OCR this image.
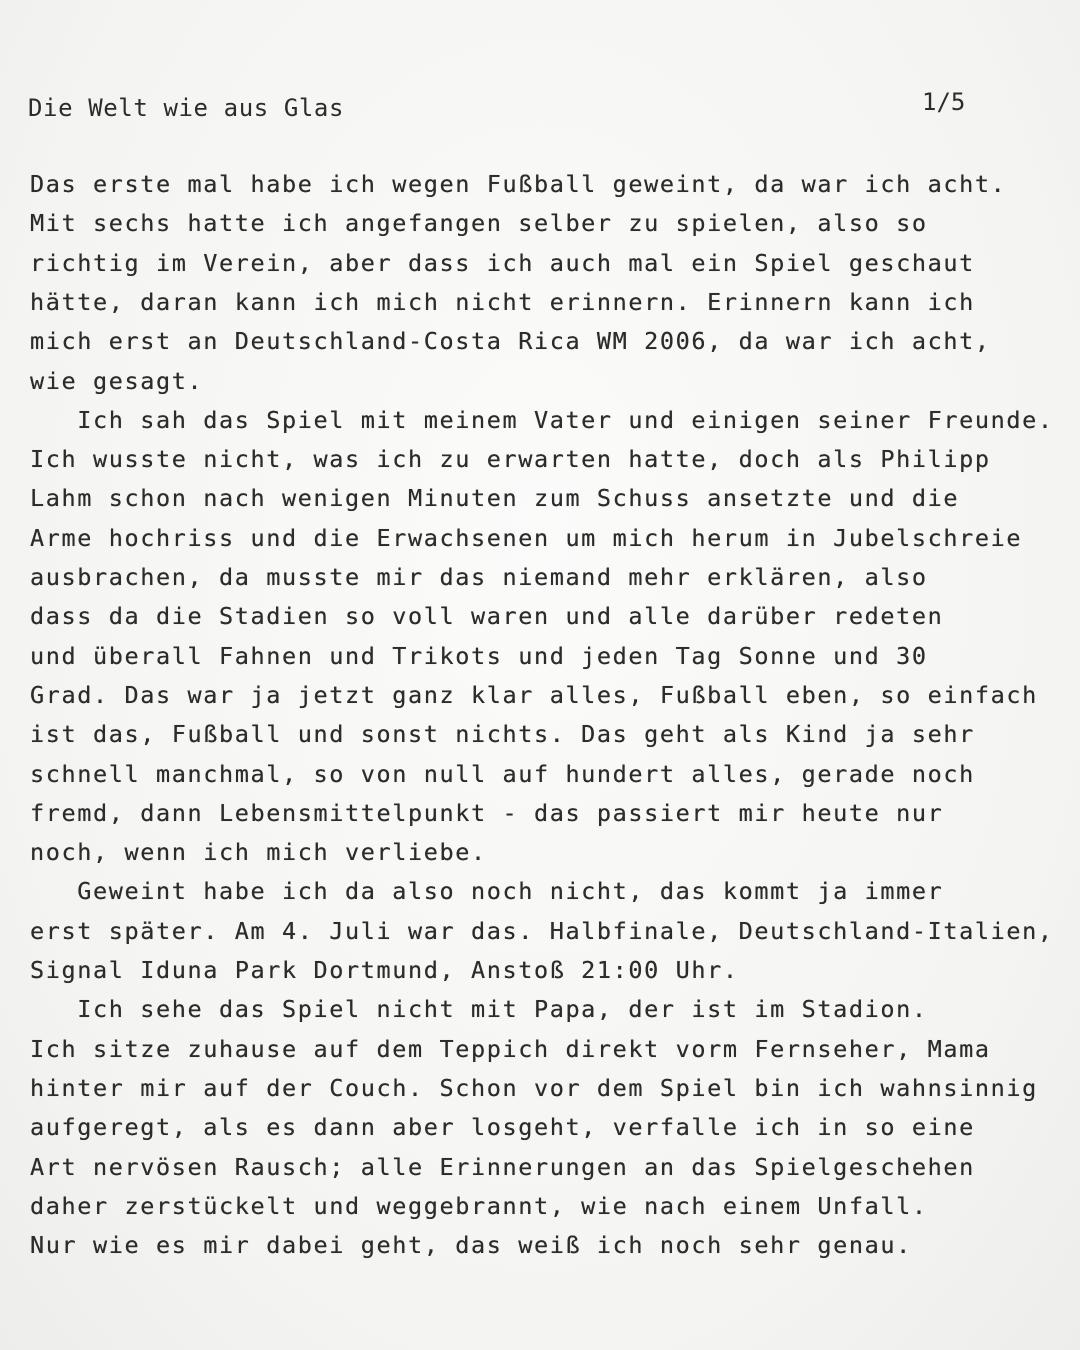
Die Welt wie aus Glas	1/5
Das erste mal habe ich wegen Fußball geweint, da war ich acht.
Mit sechs hatte ich angefangen selber zu spielen, also so
richtig im Verein, aber dass ich auch mal ein Spiel geschaut
hätte, daran kann ich mich nicht erinnern. Erinnern kann ich
mich erst an Deutschland-Costa Rica WM 2006, da war ich acht,
wie gesagt.
Ich sah das Spiel mit meinem Vater und einigen seiner Freunde.
Ich wusste nicht, was ich zu erwarten hatte, doch als Philipp
Lahm schon nach wenigen Minuten zum Schuss ansetzte und die
Arme hochriss und die Erwachsenen um mich herum in Jubelschreie
ausbrachen, da musste mir das niemand mehr erklären, also
dass da die Stadien so voll waren und alle darüber redeten
und überall Fahnen und Trikots und jeden Tag Sonne und 30
Grad. Das war ja jetzt ganz klar alles, Fußball eben, so einfach
ist das, Fußball und sonst nichts. Das geht als Kind ja sehr
schnell manchmal, so von null auf hundert alles, gerade noch
fremd, dann Lebensmittelpunkt - das passiert mir heute nur
noch, wenn ich mich verliebe.
Geweint habe ich da also noch nicht, das kommt ja immer
erst später. Am 4. Juli war das. Halbfinale, Deutschland-Italien,
Signal Iduna Park Dortmund, Anstoß 21:00 Uhr.
Ich sehe das Spiel nicht mit Papa, der ist im Stadion.
Ich sitze zuhause auf dem Teppich direkt vorm Fernseher, Mama
hinter mir auf der Couch. Schon vor dem Spiel bin ich wahnsinnig
aufgeregt, als es dann aber losgeht, verfalle ich in so eine
Art nervösen Rausch; alle Erinnerungen an das Spielgeschehen
daher zerstückelt und weggebrannt, wie nach einem Unfall.
Nur wie es mir dabei geht, das weiß ich noch sehr genau.
